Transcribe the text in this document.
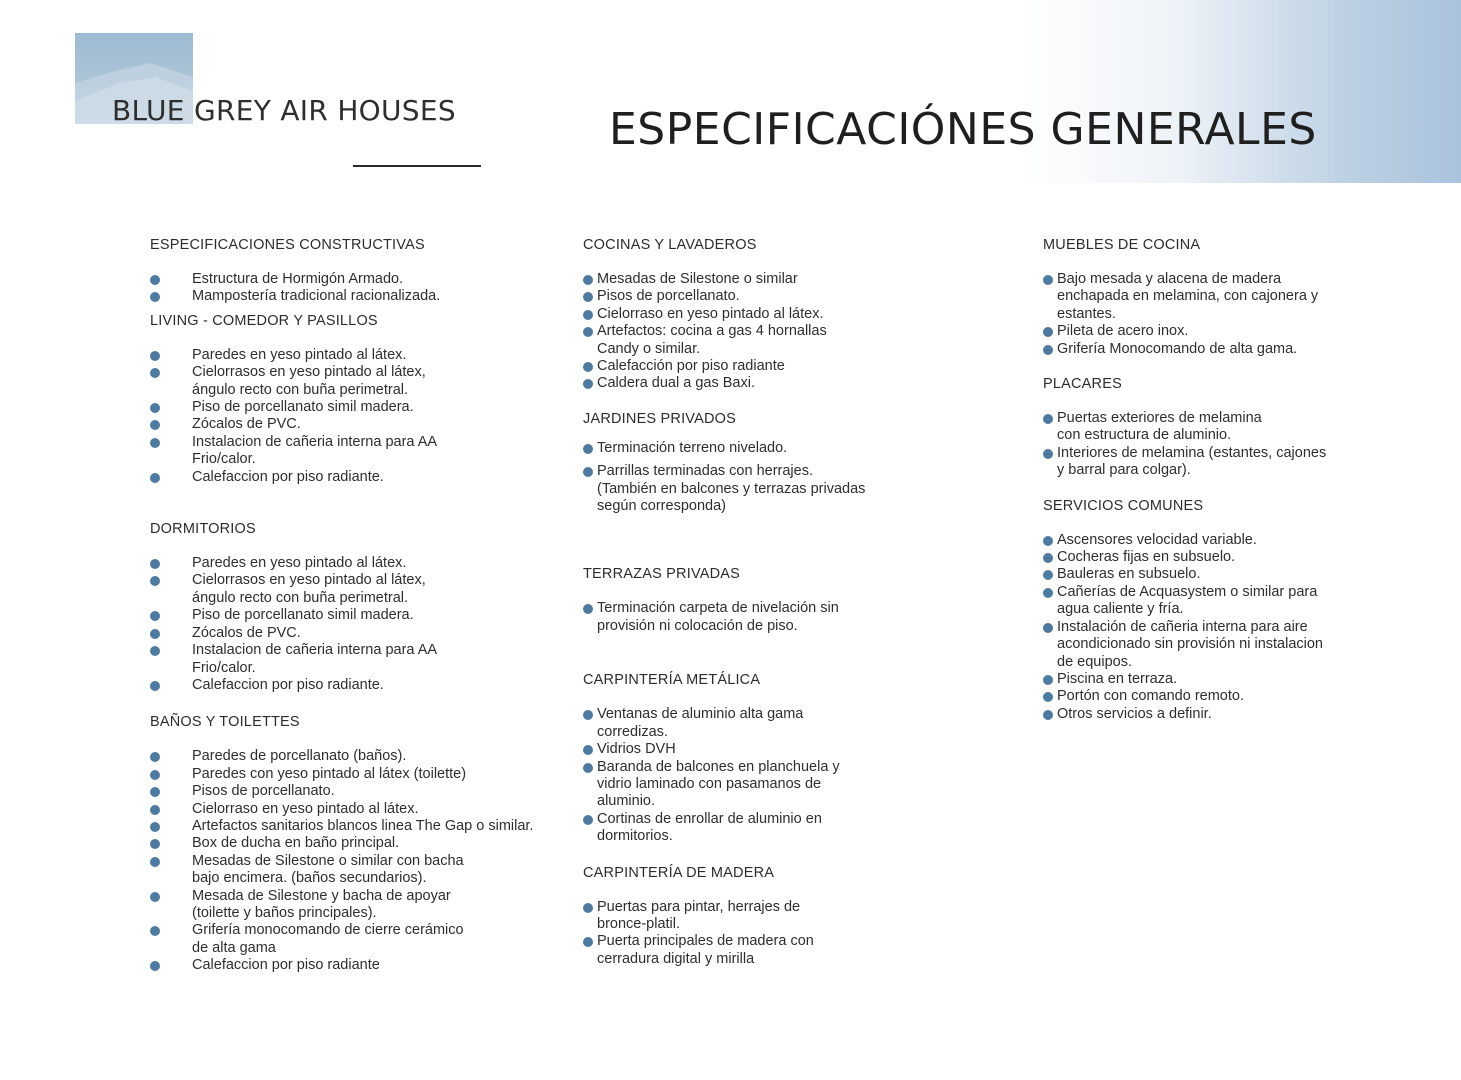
BLUE GREY AIR HOUSES	ESPECIFICACIÓNES GENERALES
ESPECIFICACIONES CONSTRUCTIVAS
Estructura de Hormigón Armado.
Mampostería tradicional racionalizada.
LIVING - COMEDOR Y PASILLOS
Paredes en yeso pintado al látex.
Cielorrasos en yeso pintado al látex,
ángulo recto con buña perimetral.
Piso de porcellanato simil madera.
Zócalos de PVC.
Instalacion de cañeria interna para AA
Frio/calor.
Calefaccion por piso radiante.
DORMITORIOS
Paredes en yeso pintado al látex.
Cielorrasos en yeso pintado al látex,
ángulo recto con buña perimetral.
Piso de porcellanato simil madera.
Zócalos de PVC.
Instalacion de cañeria interna para AA
Frio/calor.
Calefaccion por piso radiante.
BAÑOS Y TOILETTES
Paredes de porcellanato (baños).
Paredes con yeso pintado al látex (toilette)
Pisos de porcellanato.
Cielorraso en yeso pintado al látex.
Artefactos sanitarios blancos linea The Gap o similar.
Box de ducha en baño principal.
Mesadas de Silestone o similar con bacha
bajo encimera. (baños secundarios).
Mesada de Silestone y bacha de apoyar
(toilette y baños principales).
Grifería monocomando de cierre cerámico
de alta gama
Calefaccion por piso radiante
COCINAS Y LAVADEROS
Mesadas de Silestone o similar
Pisos de porcellanato.
Cielorraso en yeso pintado al látex.
Artefactos: cocina a gas 4 hornallas
Candy o similar.
Calefacción por piso radiante
Caldera dual a gas Baxi.
JARDINES PRIVADOS
Terminación terreno nivelado.
Parrillas terminadas con herrajes.
(También en balcones y terrazas privadas
según corresponda)
TERRAZAS PRIVADAS
Terminación carpeta de nivelación sin
provisión ni colocación de piso.
CARPINTERÍA METÁLICA
Ventanas de aluminio alta gama
corredizas.
Vidrios DVH
Baranda de balcones en planchuela y
vidrio laminado con pasamanos de
aluminio.
Cortinas de enrollar de aluminio en
dormitorios.
CARPINTERÍA DE MADERA
Puertas para pintar, herrajes de
bronce-platil.
Puerta principales de madera con
cerradura digital y mirilla
MUEBLES DE COCINA
Bajo mesada y alacena de madera
enchapada en melamina, con cajonera y
estantes.
Pileta de acero inox.
Grifería Monocomando de alta gama.
PLACARES
Puertas exteriores de melamina
con estructura de aluminio.
Interiores de melamina (estantes, cajones
y barral para colgar).
SERVICIOS COMUNES
Ascensores velocidad variable.
Cocheras fijas en subsuelo.
Bauleras en subsuelo.
Cañerías de Acquasystem o similar para
agua caliente y fría.
Instalación de cañeria interna para aire
acondicionado sin provisión ni instalacion
de equipos.
Piscina en terraza.
Portón con comando remoto.
Otros servicios a definir.
